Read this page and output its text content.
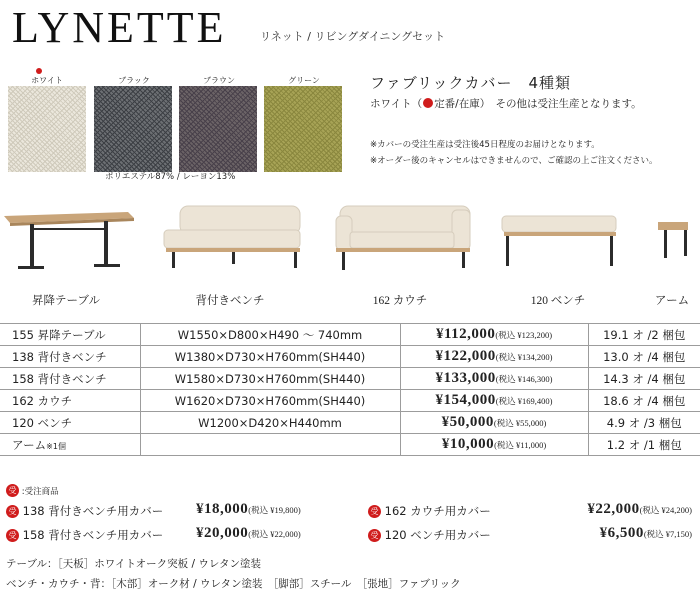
LYNETTE	リネット / リビングダイニングセット
ホワイト	ブラック	ブラウン	グリーン
ポリエステル87% / レーヨン13%
ファブリックカバー　4種類
ホワイト（ 定番/在庫）　その他は受注生産となります。
※カバーの受注生産は受注後45日程度のお届けとなります。
※オーダー後のキャンセルはできませんので、ご確認の上ご注文ください。
昇降テーブル	背付きベンチ	162 カウチ	120 ベンチ	アーム
155 昇降テーブル	W1550×D800×H490 ～ 740mm	¥112,000(税込 ¥123,200)	19.1 オ /2 梱包
138 背付きベンチ	W1380×D730×H760mm(SH440)	¥122,000(税込 ¥134,200)	13.0 オ /4 梱包
158 背付きベンチ	W1580×D730×H760mm(SH440)	¥133,000(税込 ¥146,300)	14.3 オ /4 梱包
162 カウチ	W1620×D730×H760mm(SH440)	¥154,000(税込 ¥169,400)	18.6 オ /4 梱包
120 ベンチ	W1200×D420×H440mm	¥50,000(税込 ¥55,000)	4.9 オ /3 梱包
アーム※1個		¥10,000(税込 ¥11,000)	1.2 オ /1 梱包
受 :受注商品
受 138 背付きベンチ用カバー ¥18,000(税込 ¥19,800)
受 158 背付きベンチ用カバー ¥20,000(税込 ¥22,000)
受 162 カウチ用カバー	¥22,000(税込 ¥24,200)
受 120 ベンチ用カバー	¥6,500(税込 ¥7,150)
テーブル：［天板］ホワイトオーク突板 / ウレタン塗装
ベンチ・カウチ・背：［木部］オーク材 / ウレタン塗装　［脚部］スチール　［張地］ファブリック
